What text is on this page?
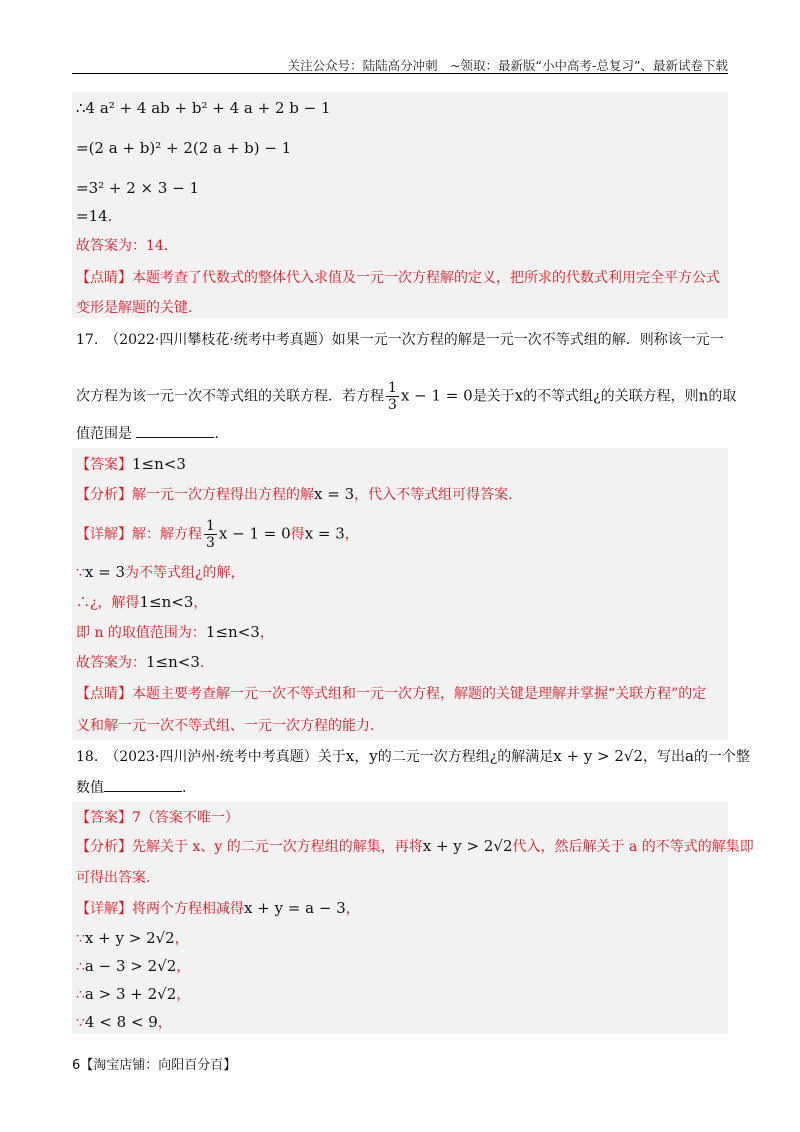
关注公众号：陆陆高分冲刺　~领取：最新版“小中高考-总复习”、最新试卷下载
∴4 a² + 4 ab + b² + 4 a + 2 b − 1
=(2 a + b)² + 2(2 a + b) − 1
=3² + 2 × 3 − 1
=14.
故答案为：14．
【点睛】本题考查了代数式的整体代入求值及一元一次方程解的定义，把所求的代数式利用完全平方公式
变形是解题的关键.
17.　（2022·四川攀枝花·统考中考真题）如果一元一次方程的解是一元一次不等式组的解．则称该一元一
次方程为该一元一次不等式组的关联方程．若方程 $\frac{1}{3}$ x − 1 = 0是关于x的不等式组¿的关联方程，则n的取
值范围是	.
【答案】1≤n<3
【分析】解一元一次方程得出方程的解x = 3，代入不等式组可得答案.
【详解】解：解方程 $\frac{1}{3}$ x − 1 = 0得x = 3，
∵x = 3为不等式组¿的解，
∴¿，解得1≤n<3，
即 n 的取值范围为：1≤n<3，
故答案为：1≤n<3.
【点睛】本题主要考查解一元一次不等式组和一元一次方程，解题的关键是理解并掌握“关联方程”的定
义和解一元一次不等式组、一元一次方程的能力.
18.　（2023·四川泸州·统考中考真题）关于x，y的二元一次方程组¿的解满足x + y > 2√2，写出a的一个整
数值	.
【答案】7（答案不唯一）
【分析】先解关于 x、y 的二元一次方程组的解集，再将x + y > 2√2代入，然后解关于 a 的不等式的解集即
可得出答案.
【详解】将两个方程相减得x + y = a − 3，
∵x + y > 2√2，
∴a − 3 > 2√2，
∴a > 3 + 2√2，
∵4 < 8 < 9，
6【淘宝店铺：向阳百分百】
